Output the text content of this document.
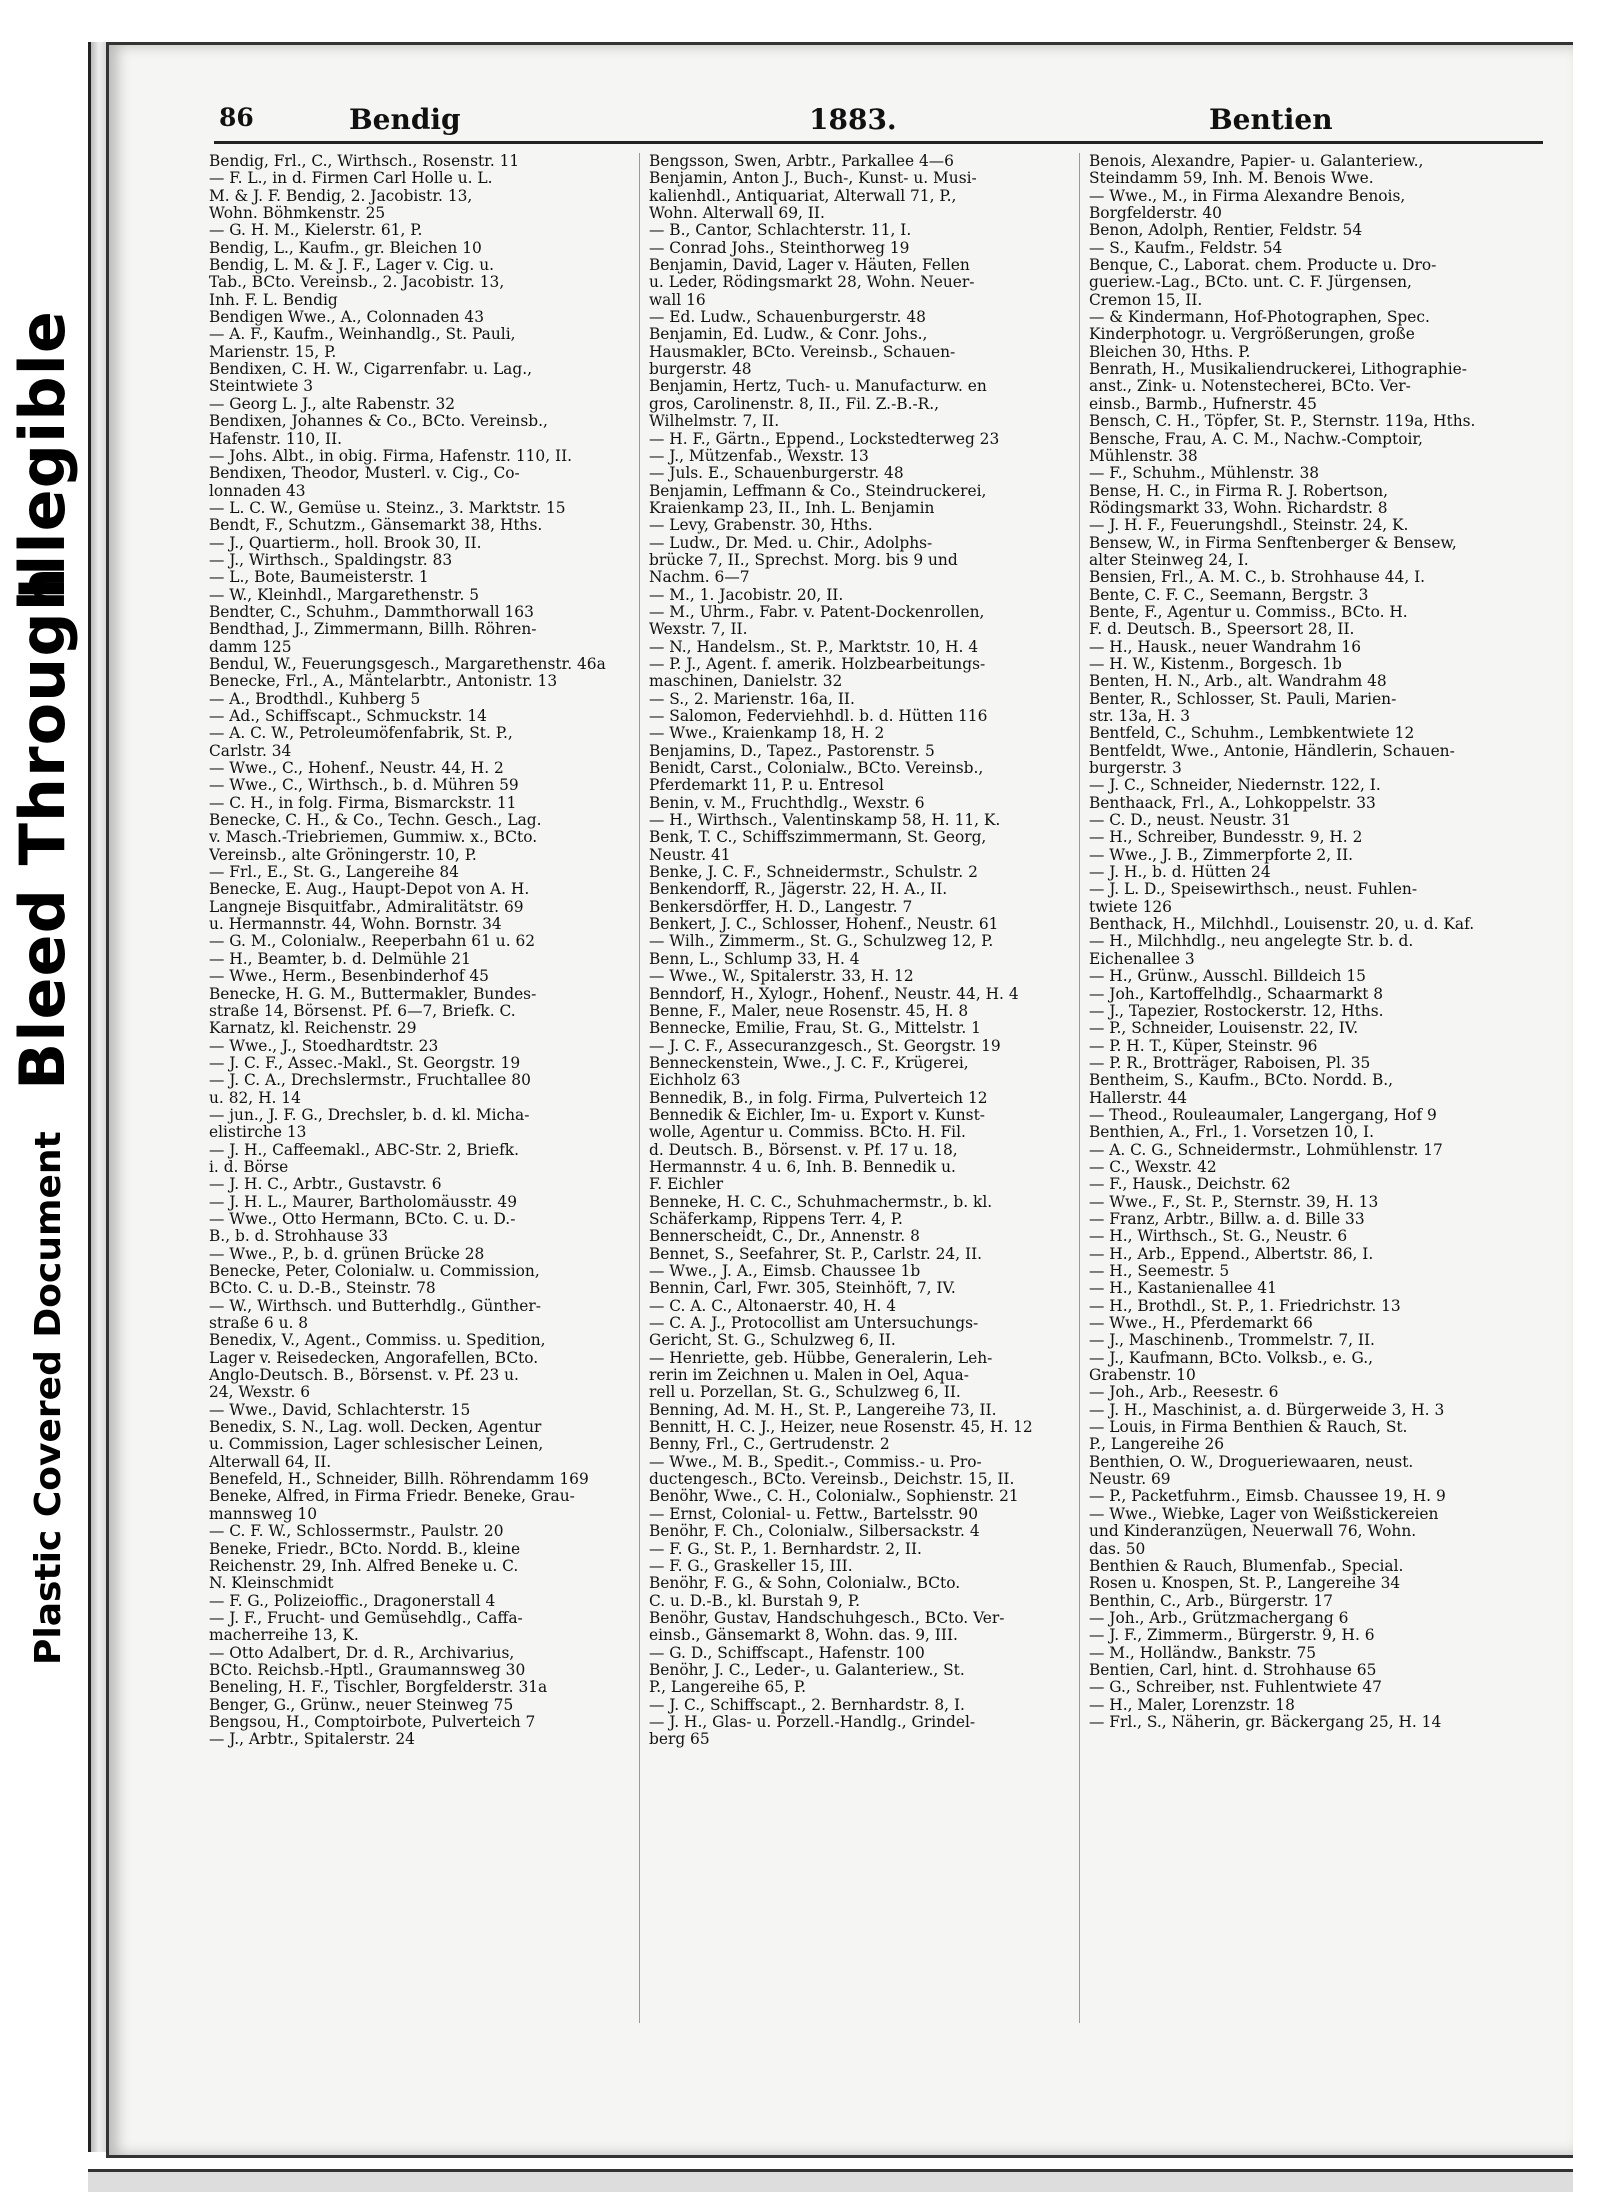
Bleed Through
Illegible
Plastic Covered Document
86	Bendig	1883.	Bentien
Bendig, Frl., C., Wirthsch., Rosenstr. 11
— F. L., in d. Firmen Carl Holle u. L.
M. & J. F. Bendig, 2. Jacobistr. 13,
Wohn. Böhmkenstr. 25
— G. H. M., Kielerstr. 61, P.
Bendig, L., Kaufm., gr. Bleichen 10
Bendig, L. M. & J. F., Lager v. Cig. u.
Tab., BCto. Vereinsb., 2. Jacobistr. 13,
Inh. F. L. Bendig
Bendigen Wwe., A., Colonnaden 43
— A. F., Kaufm., Weinhandlg., St. Pauli,
Marienstr. 15, P.
Bendixen, C. H. W., Cigarrenfabr. u. Lag.,
Steintwiete 3
— Georg L. J., alte Rabenstr. 32
Bendixen, Johannes & Co., BCto. Vereinsb.,
Hafenstr. 110, II.
— Johs. Albt., in obig. Firma, Hafenstr. 110, II.
Bendixen, Theodor, Musterl. v. Cig., Co-
lonnaden 43
— L. C. W., Gemüse u. Steinz., 3. Marktstr. 15
Bendt, F., Schutzm., Gänsemarkt 38, Hths.
— J., Quartierm., holl. Brook 30, II.
— J., Wirthsch., Spaldingstr. 83
— L., Bote, Baumeisterstr. 1
— W., Kleinhdl., Margarethenstr. 5
Bendter, C., Schuhm., Dammthorwall 163
Bendthad, J., Zimmermann, Billh. Röhren-
damm 125
Bendul, W., Feuerungsgesch., Margarethenstr. 46a
Benecke, Frl., A., Mäntelarbtr., Antonistr. 13
— A., Brodthdl., Kuhberg 5
— Ad., Schiffscapt., Schmuckstr. 14
— A. C. W., Petroleumöfenfabrik, St. P.,
Carlstr. 34
— Wwe., C., Hohenf., Neustr. 44, H. 2
— Wwe., C., Wirthsch., b. d. Mühren 59
— C. H., in folg. Firma, Bismarckstr. 11
Benecke, C. H., & Co., Techn. Gesch., Lag.
v. Masch.-Triebriemen, Gummiw. x., BCto.
Vereinsb., alte Gröningerstr. 10, P.
— Frl., E., St. G., Langereihe 84
Benecke, E. Aug., Haupt-Depot von A. H.
Langneje Bisquitfabr., Admiralitätstr. 69
u. Hermannstr. 44, Wohn. Bornstr. 34
— G. M., Colonialw., Reeperbahn 61 u. 62
— H., Beamter, b. d. Delmühle 21
— Wwe., Herm., Besenbinderhof 45
Benecke, H. G. M., Buttermakler, Bundes-
straße 14, Börsenst. Pf. 6—7, Briefk. C.
Karnatz, kl. Reichenstr. 29
— Wwe., J., Stoedhardtstr. 23
— J. C. F., Assec.-Makl., St. Georgstr. 19
— J. C. A., Drechslermstr., Fruchtallee 80
u. 82, H. 14
— jun., J. F. G., Drechsler, b. d. kl. Micha-
elistirche 13
— J. H., Caffeemakl., ABC-Str. 2, Briefk.
i. d. Börse
— J. H. C., Arbtr., Gustavstr. 6
— J. H. L., Maurer, Bartholomäusstr. 49
— Wwe., Otto Hermann, BCto. C. u. D.-
B., b. d. Strohhause 33
— Wwe., P., b. d. grünen Brücke 28
Benecke, Peter, Colonialw. u. Commission,
BCto. C. u. D.-B., Steinstr. 78
— W., Wirthsch. und Butterhdlg., Günther-
straße 6 u. 8
Benedix, V., Agent., Commiss. u. Spedition,
Lager v. Reisedecken, Angorafellen, BCto.
Anglo-Deutsch. B., Börsenst. v. Pf. 23 u.
24, Wexstr. 6
— Wwe., David, Schlachterstr. 15
Benedix, S. N., Lag. woll. Decken, Agentur
u. Commission, Lager schlesischer Leinen,
Alterwall 64, II.
Benefeld, H., Schneider, Billh. Röhrendamm 169
Beneke, Alfred, in Firma Friedr. Beneke, Grau-
mannsweg 10
— C. F. W., Schlossermstr., Paulstr. 20
Beneke, Friedr., BCto. Nordd. B., kleine
Reichenstr. 29, Inh. Alfred Beneke u. C.
N. Kleinschmidt
— F. G., Polizeioffic., Dragonerstall 4
— J. F., Frucht- und Gemüsehdlg., Caffa-
macherreihe 13, K.
— Otto Adalbert, Dr. d. R., Archivarius,
BCto. Reichsb.-Hptl., Graumannsweg 30
Beneling, H. F., Tischler, Borgfelderstr. 31a
Benger, G., Grünw., neuer Steinweg 75
Bengsou, H., Comptoirbote, Pulverteich 7
— J., Arbtr., Spitalerstr. 24
Bengsson, Swen, Arbtr., Parkallee 4—6
Benjamin, Anton J., Buch-, Kunst- u. Musi-
kalienhdl., Antiquariat, Alterwall 71, P.,
Wohn. Alterwall 69, II.
— B., Cantor, Schlachterstr. 11, I.
— Conrad Johs., Steinthorweg 19
Benjamin, David, Lager v. Häuten, Fellen
u. Leder, Rödingsmarkt 28, Wohn. Neuer-
wall 16
— Ed. Ludw., Schauenburgerstr. 48
Benjamin, Ed. Ludw., & Conr. Johs.,
Hausmakler, BCto. Vereinsb., Schauen-
burgerstr. 48
Benjamin, Hertz, Tuch- u. Manufacturw. en
gros, Carolinenstr. 8, II., Fil. Z.-B.-R.,
Wilhelmstr. 7, II.
— H. F., Gärtn., Eppend., Lockstedterweg 23
— J., Mützenfab., Wexstr. 13
— Juls. E., Schauenburgerstr. 48
Benjamin, Leffmann & Co., Steindruckerei,
Kraienkamp 23, II., Inh. L. Benjamin
— Levy, Grabenstr. 30, Hths.
— Ludw., Dr. Med. u. Chir., Adolphs-
brücke 7, II., Sprechst. Morg. bis 9 und
Nachm. 6—7
— M., 1. Jacobistr. 20, II.
— M., Uhrm., Fabr. v. Patent-Dockenrollen,
Wexstr. 7, II.
— N., Handelsm., St. P., Marktstr. 10, H. 4
— P. J., Agent. f. amerik. Holzbearbeitungs-
maschinen, Danielstr. 32
— S., 2. Marienstr. 16a, II.
— Salomon, Federviehhdl. b. d. Hütten 116
— Wwe., Kraienkamp 18, H. 2
Benjamins, D., Tapez., Pastorenstr. 5
Benidt, Carst., Colonialw., BCto. Vereinsb.,
Pferdemarkt 11, P. u. Entresol
Benin, v. M., Fruchthdlg., Wexstr. 6
— H., Wirthsch., Valentinskamp 58, H. 11, K.
Benk, T. C., Schiffszimmermann, St. Georg,
Neustr. 41
Benke, J. C. F., Schneidermstr., Schulstr. 2
Benkendorff, R., Jägerstr. 22, H. A., II.
Benkersdörffer, H. D., Langestr. 7
Benkert, J. C., Schlosser, Hohenf., Neustr. 61
— Wilh., Zimmerm., St. G., Schulzweg 12, P.
Benn, L., Schlump 33, H. 4
— Wwe., W., Spitalerstr. 33, H. 12
Benndorf, H., Xylogr., Hohenf., Neustr. 44, H. 4
Benne, F., Maler, neue Rosenstr. 45, H. 8
Bennecke, Emilie, Frau, St. G., Mittelstr. 1
— J. C. F., Assecuranzgesch., St. Georgstr. 19
Benneckenstein, Wwe., J. C. F., Krügerei,
Eichholz 63
Bennedik, B., in folg. Firma, Pulverteich 12
Bennedik & Eichler, Im- u. Export v. Kunst-
wolle, Agentur u. Commiss. BCto. H. Fil.
d. Deutsch. B., Börsenst. v. Pf. 17 u. 18,
Hermannstr. 4 u. 6, Inh. B. Bennedik u.
F. Eichler
Benneke, H. C. C., Schuhmachermstr., b. kl.
Schäferkamp, Rippens Terr. 4, P.
Bennerscheidt, C., Dr., Annenstr. 8
Bennet, S., Seefahrer, St. P., Carlstr. 24, II.
— Wwe., J. A., Eimsb. Chaussee 1b
Bennin, Carl, Fwr. 305, Steinhöft, 7, IV.
— C. A. C., Altonaerstr. 40, H. 4
— C. A. J., Protocollist am Untersuchungs-
Gericht, St. G., Schulzweg 6, II.
— Henriette, geb. Hübbe, Generalerin, Leh-
rerin im Zeichnen u. Malen in Oel, Aqua-
rell u. Porzellan, St. G., Schulzweg 6, II.
Benning, Ad. M. H., St. P., Langereihe 73, II.
Bennitt, H. C. J., Heizer, neue Rosenstr. 45, H. 12
Benny, Frl., C., Gertrudenstr. 2
— Wwe., M. B., Spedit.-, Commiss.- u. Pro-
ductengesch., BCto. Vereinsb., Deichstr. 15, II.
Benöhr, Wwe., C. H., Colonialw., Sophienstr. 21
— Ernst, Colonial- u. Fettw., Bartelsstr. 90
Benöhr, F. Ch., Colonialw., Silbersackstr. 4
— F. G., St. P., 1. Bernhardstr. 2, II.
— F. G., Graskeller 15, III.
Benöhr, F. G., & Sohn, Colonialw., BCto.
C. u. D.-B., kl. Burstah 9, P.
Benöhr, Gustav, Handschuhgesch., BCto. Ver-
einsb., Gänsemarkt 8, Wohn. das. 9, III.
— G. D., Schiffscapt., Hafenstr. 100
Benöhr, J. C., Leder-, u. Galanteriew., St.
P., Langereihe 65, P.
— J. C., Schiffscapt., 2. Bernhardstr. 8, I.
— J. H., Glas- u. Porzell.-Handlg., Grindel-
berg 65
Benois, Alexandre, Papier- u. Galanteriew.,
Steindamm 59, Inh. M. Benois Wwe.
— Wwe., M., in Firma Alexandre Benois,
Borgfelderstr. 40
Benon, Adolph, Rentier, Feldstr. 54
— S., Kaufm., Feldstr. 54
Benque, C., Laborat. chem. Producte u. Dro-
gueriew.-Lag., BCto. unt. C. F. Jürgensen,
Cremon 15, II.
— & Kindermann, Hof-Photographen, Spec.
Kinderphotogr. u. Vergrößerungen, große
Bleichen 30, Hths. P.
Benrath, H., Musikaliendruckerei, Lithographie-
anst., Zink- u. Notenstecherei, BCto. Ver-
einsb., Barmb., Hufnerstr. 45
Bensch, C. H., Töpfer, St. P., Sternstr. 119a, Hths.
Bensche, Frau, A. C. M., Nachw.-Comptoir,
Mühlenstr. 38
— F., Schuhm., Mühlenstr. 38
Bense, H. C., in Firma R. J. Robertson,
Rödingsmarkt 33, Wohn. Richardstr. 8
— J. H. F., Feuerungshdl., Steinstr. 24, K.
Bensew, W., in Firma Senftenberger & Bensew,
alter Steinweg 24, I.
Bensien, Frl., A. M. C., b. Strohhause 44, I.
Bente, C. F. C., Seemann, Bergstr. 3
Bente, F., Agentur u. Commiss., BCto. H.
F. d. Deutsch. B., Speersort 28, II.
— H., Hausk., neuer Wandrahm 16
— H. W., Kistenm., Borgesch. 1b
Benten, H. N., Arb., alt. Wandrahm 48
Benter, R., Schlosser, St. Pauli, Marien-
str. 13a, H. 3
Bentfeld, C., Schuhm., Lembkentwiete 12
Bentfeldt, Wwe., Antonie, Händlerin, Schauen-
burgerstr. 3
— J. C., Schneider, Niedernstr. 122, I.
Benthaack, Frl., A., Lohkoppelstr. 33
— C. D., neust. Neustr. 31
— H., Schreiber, Bundesstr. 9, H. 2
— Wwe., J. B., Zimmerpforte 2, II.
— J. H., b. d. Hütten 24
— J. L. D., Speisewirthsch., neust. Fuhlen-
twiete 126
Benthack, H., Milchhdl., Louisenstr. 20, u. d. Kaf.
— H., Milchhdlg., neu angelegte Str. b. d.
Eichenallee 3
— H., Grünw., Ausschl. Billdeich 15
— Joh., Kartoffelhdlg., Schaarmarkt 8
— J., Tapezier, Rostockerstr. 12, Hths.
— P., Schneider, Louisenstr. 22, IV.
— P. H. T., Küper, Steinstr. 96
— P. R., Brotträger, Raboisen, Pl. 35
Bentheim, S., Kaufm., BCto. Nordd. B.,
Hallerstr. 44
— Theod., Rouleaumaler, Langergang, Hof 9
Benthien, A., Frl., 1. Vorsetzen 10, I.
— A. C. G., Schneidermstr., Lohmühlenstr. 17
— C., Wexstr. 42
— F., Hausk., Deichstr. 62
— Wwe., F., St. P., Sternstr. 39, H. 13
— Franz, Arbtr., Billw. a. d. Bille 33
— H., Wirthsch., St. G., Neustr. 6
— H., Arb., Eppend., Albertstr. 86, I.
— H., Seemestr. 5
— H., Kastanienallee 41
— H., Brothdl., St. P., 1. Friedrichstr. 13
— Wwe., H., Pferdemarkt 66
— J., Maschinenb., Trommelstr. 7, II.
— J., Kaufmann, BCto. Volksb., e. G.,
Grabenstr. 10
— Joh., Arb., Reesestr. 6
— J. H., Maschinist, a. d. Bürgerweide 3, H. 3
— Louis, in Firma Benthien & Rauch, St.
P., Langereihe 26
Benthien, O. W., Drogueriewaaren, neust.
Neustr. 69
— P., Packetfuhrm., Eimsb. Chaussee 19, H. 9
— Wwe., Wiebke, Lager von Weißstickereien
und Kinderanzügen, Neuerwall 76, Wohn.
das. 50
Benthien & Rauch, Blumenfab., Special.
Rosen u. Knospen, St. P., Langereihe 34
Benthin, C., Arb., Bürgerstr. 17
— Joh., Arb., Grützmachergang 6
— J. F., Zimmerm., Bürgerstr. 9, H. 6
— M., Holländw., Bankstr. 75
Bentien, Carl, hint. d. Strohhause 65
— G., Schreiber, nst. Fuhlentwiete 47
— H., Maler, Lorenzstr. 18
— Frl., S., Näherin, gr. Bäckergang 25, H. 14
